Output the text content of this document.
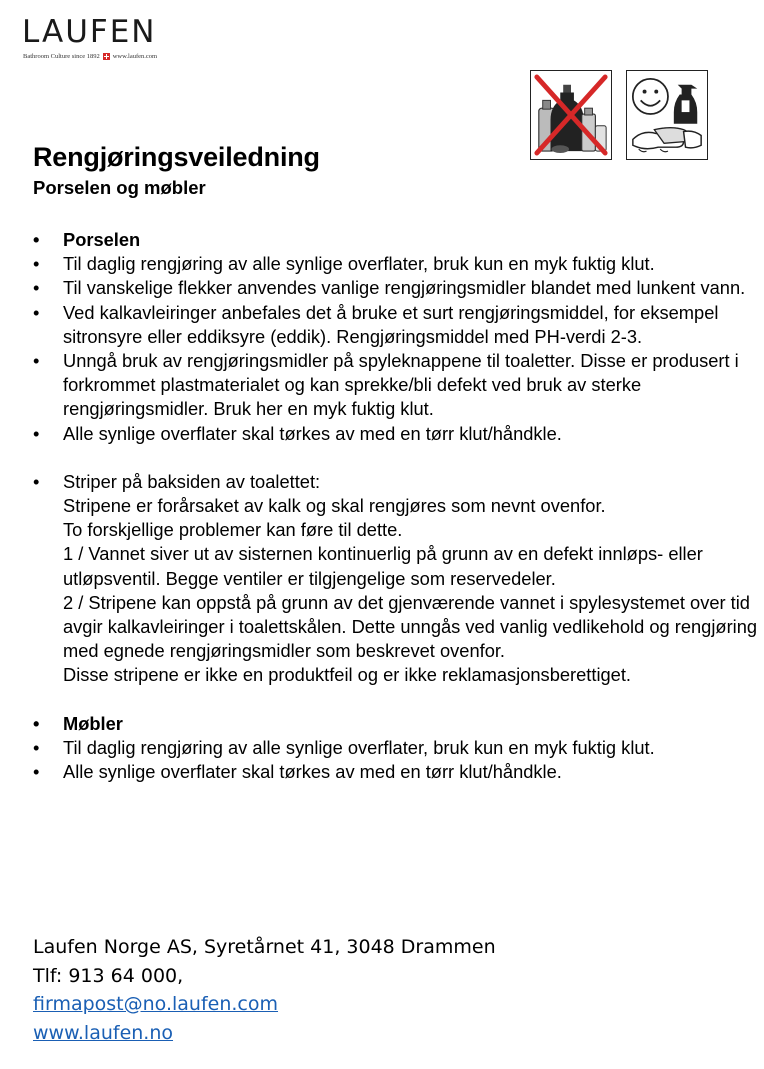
LAUFEN
Bathroom Culture since 1892 www.laufen.com
Rengjøringsveiledning
Porselen og møbler
• Porselen
• Til daglig rengjøring av alle synlige overflater, bruk kun en myk fuktig klut.
• Til vanskelige flekker anvendes vanlige rengjøringsmidler blandet med lunkent vann.
• Ved kalkavleiringer anbefales det å bruke et surt rengjøringsmiddel, for eksempel sitronsyre eller eddiksyre (eddik). Rengjøringsmiddel med PH-verdi 2-3.
• Unngå bruk av rengjøringsmidler på spyleknappene til toaletter. Disse er produsert i forkrommet plastmaterialet og kan sprekke/bli defekt ved bruk av sterke rengjøringsmidler. Bruk her en myk fuktig klut.
• Alle synlige overflater skal tørkes av med en tørr klut/håndkle.
• Striper på baksiden av toalettet:
Stripene er forårsaket av kalk og skal rengjøres som nevnt ovenfor.
To forskjellige problemer kan føre til dette.
1 / Vannet siver ut av sisternen kontinuerlig på grunn av en defekt innløps- eller utløpsventil. Begge ventiler er tilgjengelige som reservedeler.
2 / Stripene kan oppstå på grunn av det gjenværende vannet i spylesystemet over tid avgir kalkavleiringer i toalettskålen. Dette unngås ved vanlig vedlikehold og rengjøring med egnede rengjøringsmidler som beskrevet ovenfor.
Disse stripene er ikke en produktfeil og er ikke reklamasjonsberettiget.
• Møbler
• Til daglig rengjøring av alle synlige overflater, bruk kun en myk fuktig klut.
• Alle synlige overflater skal tørkes av med en tørr klut/håndkle.
Laufen Norge AS, Syretårnet 41, 3048 Drammen
Tlf: 913 64 000,
firmapost@no.laufen.com
www.laufen.no
